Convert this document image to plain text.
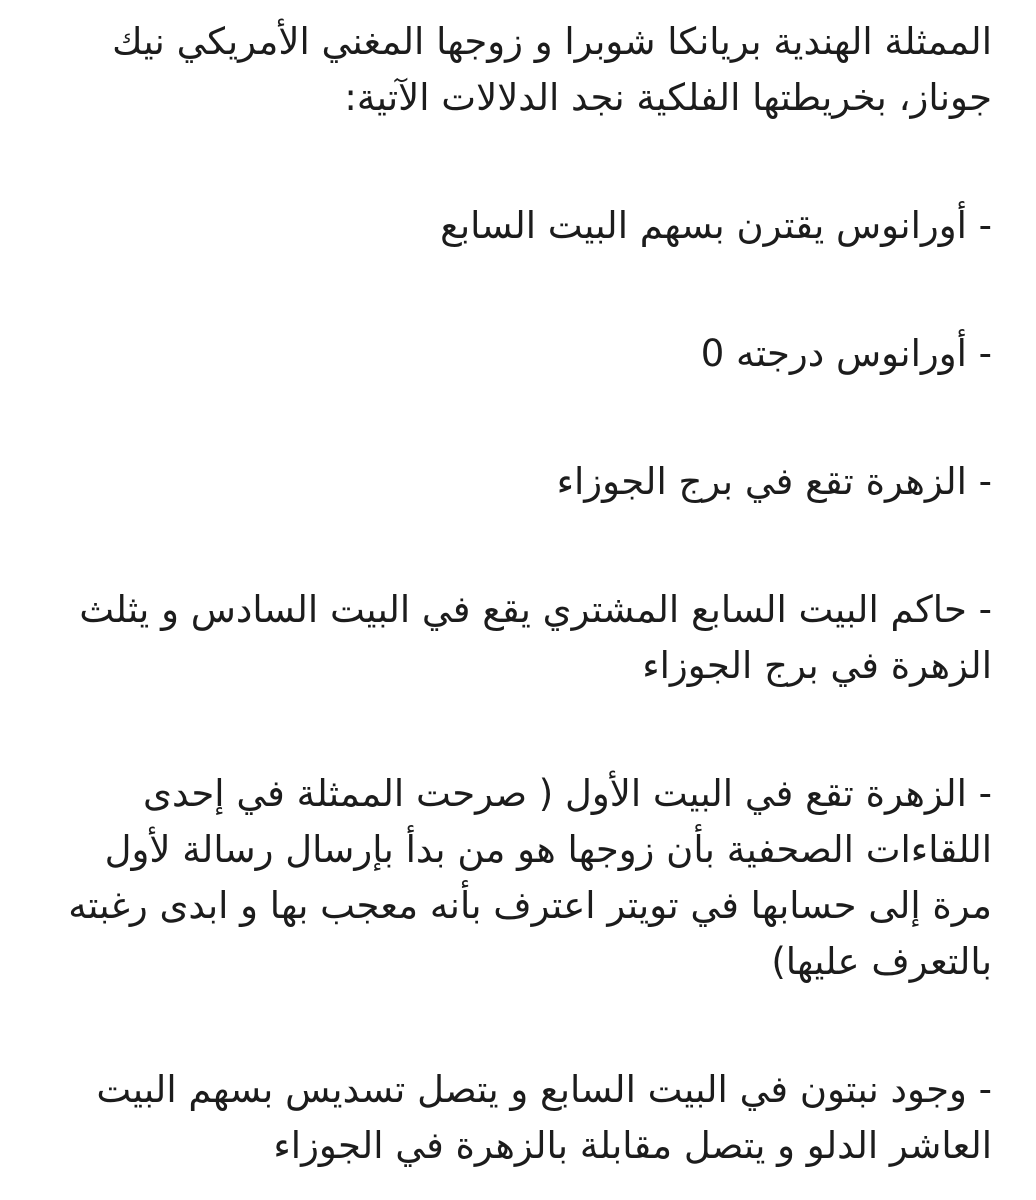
الممثلة الهندية بريانكا شوبرا و زوجها المغني الأمريكي نيك
جوناز، بخريطتها الفلكية نجد الدلالات الآتية:
- أورانوس يقترن بسهم البيت السابع
- أورانوس درجته 0
- الزهرة تقع في برج الجوزاء
- حاكم البيت السابع المشتري يقع في البيت السادس و يثلث
الزهرة في برج الجوزاء
- الزهرة تقع في البيت الأول ( صرحت الممثلة في إحدى
اللقاءات الصحفية بأن زوجها هو من بدأ بإرسال رسالة لأول
مرة إلى حسابها في تويتر اعترف بأنه معجب بها و ابدى رغبته
بالتعرف عليها)
- وجود نبتون في البيت السابع و يتصل تسديس بسهم البيت
العاشر الدلو و يتصل مقابلة بالزهرة في الجوزاء
